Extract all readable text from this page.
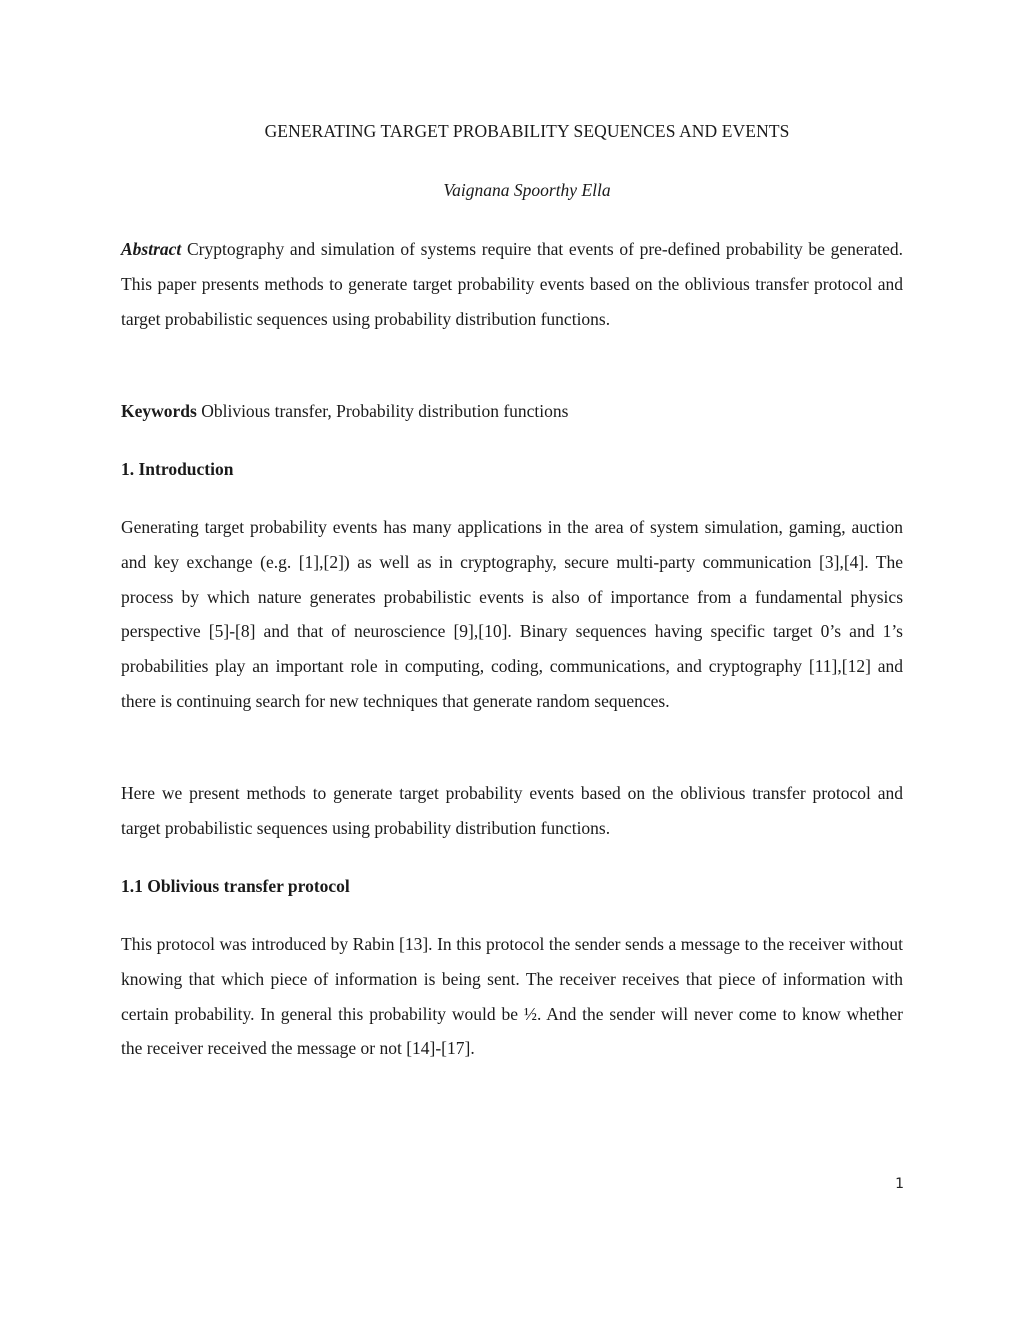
GENERATING TARGET PROBABILITY SEQUENCES AND EVENTS
Vaignana Spoorthy Ella
Abstract Cryptography and simulation of systems require that events of pre-defined probability be generated. This paper presents methods to generate target probability events based on the oblivious transfer protocol and target probabilistic sequences using probability distribution functions.
Keywords Oblivious transfer, Probability distribution functions
1. Introduction
Generating target probability events has many applications in the area of system simulation, gaming, auction and key exchange (e.g. [1],[2]) as well as in cryptography, secure multi-party communication [3],[4]. The process by which nature generates probabilistic events is also of importance from a fundamental physics perspective [5]-[8] and that of neuroscience [9],[10]. Binary sequences having specific target 0’s and 1’s probabilities play an important role in computing, coding, communications, and cryptography [11],[12] and there is continuing search for new techniques that generate random sequences.
Here we present methods to generate target probability events based on the oblivious transfer protocol and target probabilistic sequences using probability distribution functions.
1.1 Oblivious transfer protocol
This protocol was introduced by Rabin [13]. In this protocol the sender sends a message to the receiver without knowing that which piece of information is being sent. The receiver receives that piece of information with certain probability. In general this probability would be ½. And the sender will never come to know whether the receiver received the message or not [14]-[17].
1
